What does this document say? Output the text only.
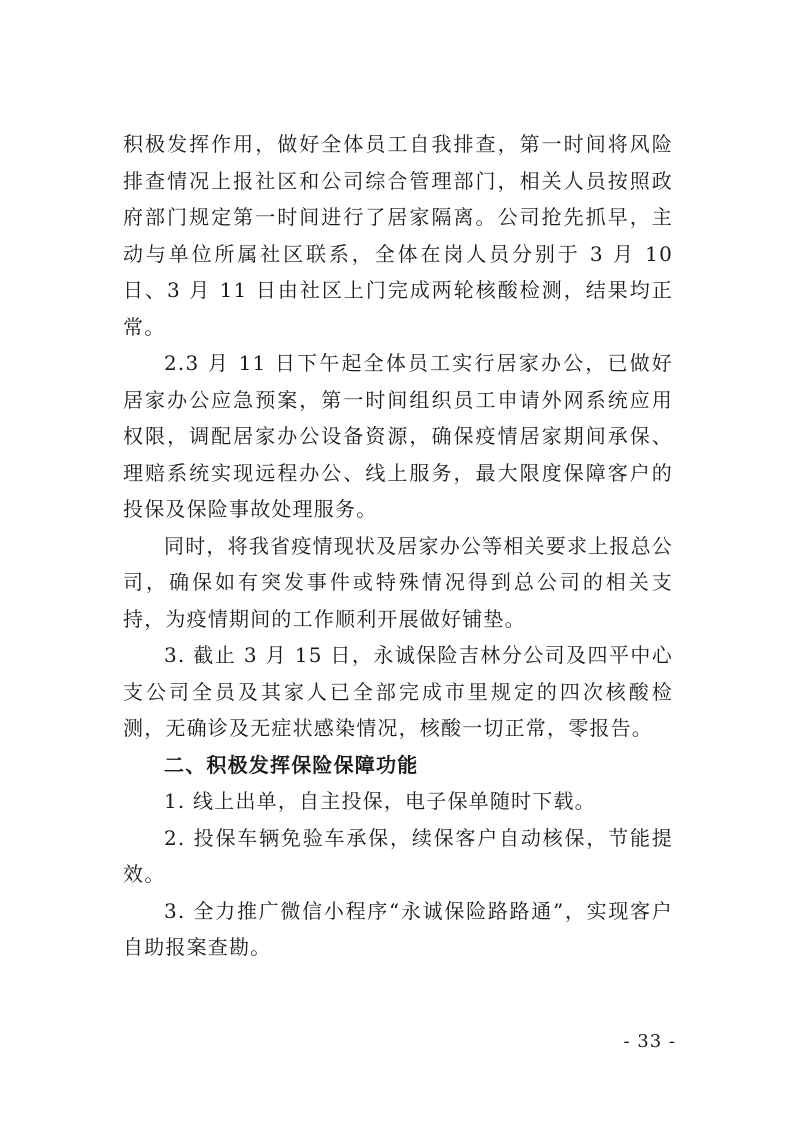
积极发挥作用，做好全体员工自我排查，第一时间将风险排查情况上报社区和公司综合管理部门，相关人员按照政府部门规定第一时间进行了居家隔离。公司抢先抓早，主动与单位所属社区联系，全体在岗人员分别于 3 月 10 日、3 月 11 日由社区上门完成两轮核酸检测，结果均正常。

2.3 月 11 日下午起全体员工实行居家办公，已做好居家办公应急预案，第一时间组织员工申请外网系统应用权限，调配居家办公设备资源，确保疫情居家期间承保、理赔系统实现远程办公、线上服务，最大限度保障客户的投保及保险事故处理服务。

同时，将我省疫情现状及居家办公等相关要求上报总公司，确保如有突发事件或特殊情况得到总公司的相关支持，为疫情期间的工作顺利开展做好铺垫。

3. 截止 3 月 15 日，永诚保险吉林分公司及四平中心支公司全员及其家人已全部完成市里规定的四次核酸检测，无确诊及无症状感染情况，核酸一切正常，零报告。

二、积极发挥保险保障功能

1. 线上出单，自主投保，电子保单随时下载。

2. 投保车辆免验车承保，续保客户自动核保，节能提效。

3. 全力推广微信小程序“永诚保险路路通”，实现客户自助报案查勘。

- 33 -
